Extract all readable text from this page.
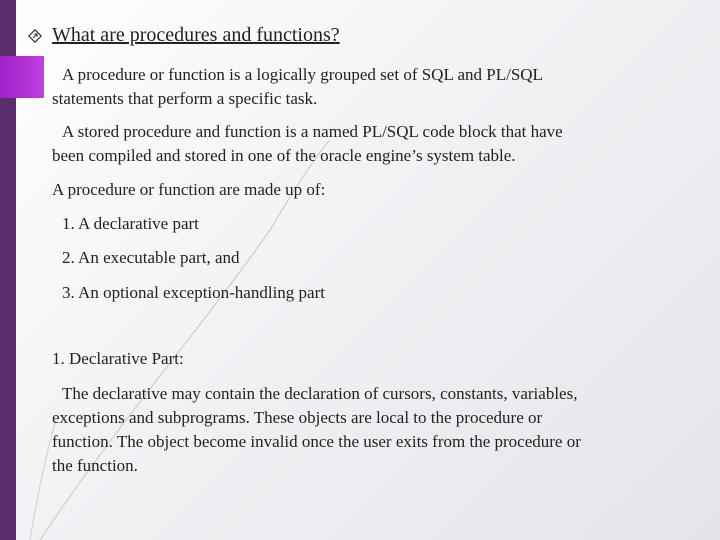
What are procedures and functions?
A procedure or function is a logically grouped set of SQL and PL/SQL
statements that perform a specific task.
A stored procedure and function is a named PL/SQL code block that have
been compiled and stored in one of the oracle engine’s system table.
A procedure or function are made up of:
1. A declarative part
2. An executable part, and
3. An optional exception-handling part
1. Declarative Part:
The declarative may contain the declaration of cursors, constants, variables,
exceptions and subprograms. These objects are local to the procedure or
function. The object become invalid once the user exits from the procedure or
the function.
